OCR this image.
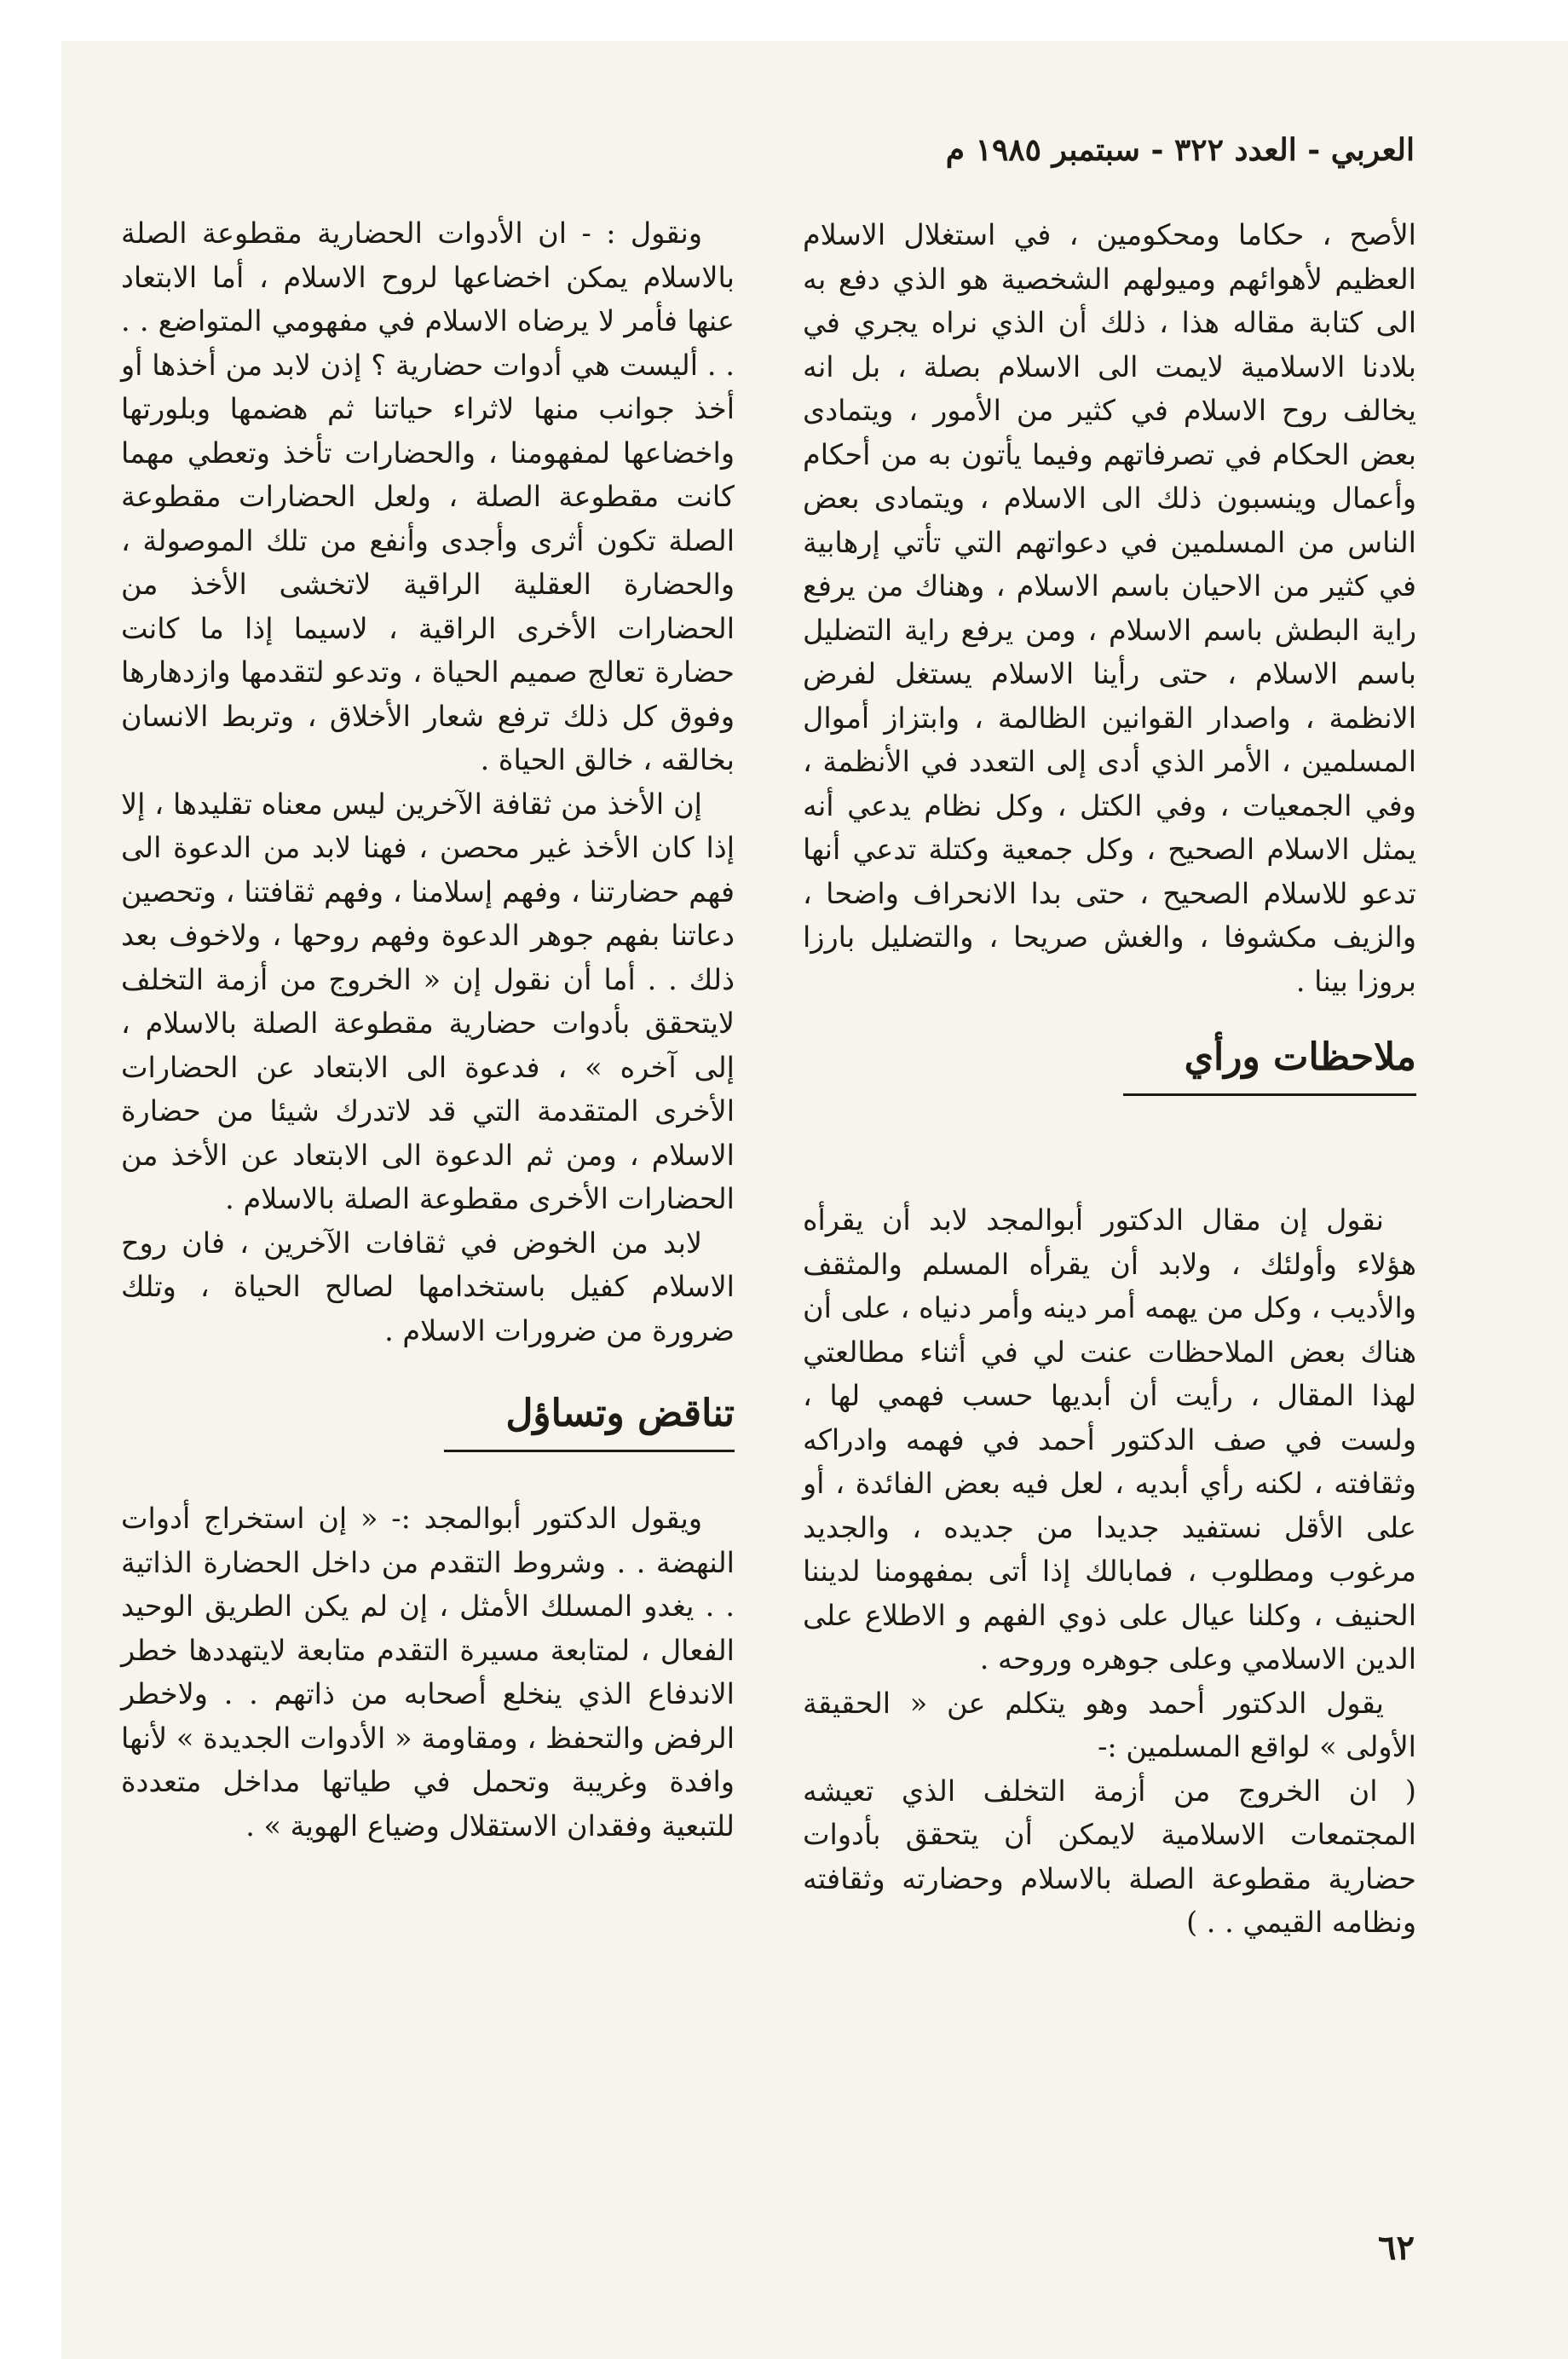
العربي - العدد ٣٢٢ - سبتمبر ١٩٨٥ م

الأصح ، حكاما ومحكومين ، في استغلال الاسلام العظيم لأهوائهم وميولهم الشخصية هو الذي دفع به الى كتابة مقاله هذا ، ذلك أن الذي نراه يجري في بلادنا الاسلامية لايمت الى الاسلام بصلة ، بل انه يخالف روح الاسلام في كثير من الأمور ، ويتمادى بعض الحكام في تصرفاتهم وفيما يأتون به من أحكام وأعمال وينسبون ذلك الى الاسلام ، ويتمادى بعض الناس من المسلمين في دعواتهم التي تأتي إرهابية في كثير من الاحيان باسم الاسلام ، وهناك من يرفع راية البطش باسم الاسلام ، ومن يرفع راية التضليل باسم الاسلام ، حتى رأينا الاسلام يستغل لفرض الانظمة ، واصدار القوانين الظالمة ، وابتزاز أموال المسلمين ، الأمر الذي أدى إلى التعدد في الأنظمة ، وفي الجمعيات ، وفي الكتل ، وكل نظام يدعي أنه يمثل الاسلام الصحيح ، وكل جمعية وكتلة تدعي أنها تدعو للاسلام الصحيح ، حتى بدا الانحراف واضحا ، والزيف مكشوفا ، والغش صريحا ، والتضليل بارزا بروزا بينا .

ملاحظات ورأي

نقول إن مقال الدكتور أبوالمجد لابد أن يقرأه هؤلاء وأولئك ، ولابد أن يقرأه المسلم والمثقف والأديب ، وكل من يهمه أمر دينه وأمر دنياه ، على أن هناك بعض الملاحظات عنت لي في أثناء مطالعتي لهذا المقال ، رأيت أن أبديها حسب فهمي لها ، ولست في صف الدكتور أحمد في فهمه وادراكه وثقافته ، لكنه رأي أبديه ، لعل فيه بعض الفائدة ، أو على الأقل نستفيد جديدا من جديده ، والجديد مرغوب ومطلوب ، فمابالك إذا أتى بمفهومنا لديننا الحنيف ، وكلنا عيال على ذوي الفهم و الاطلاع على الدين الاسلامي وعلى جوهره وروحه .

يقول الدكتور أحمد وهو يتكلم عن « الحقيقة الأولى » لواقع المسلمين :-

( ان الخروج من أزمة التخلف الذي تعيشه المجتمعات الاسلامية لايمكن أن يتحقق بأدوات حضارية مقطوعة الصلة بالاسلام وحضارته وثقافته ونظامه القيمي . . )

ونقول : - ان الأدوات الحضارية مقطوعة الصلة بالاسلام يمكن اخضاعها لروح الاسلام ، أما الابتعاد عنها فأمر لا يرضاه الاسلام في مفهومي المتواضع . . . . أليست هي أدوات حضارية ؟ إذن لابد من أخذها أو أخذ جوانب منها لاثراء حياتنا ثم هضمها وبلورتها واخضاعها لمفهومنا ، والحضارات تأخذ وتعطي مهما كانت مقطوعة الصلة ، ولعل الحضارات مقطوعة الصلة تكون أثرى وأجدى وأنفع من تلك الموصولة ، والحضارة العقلية الراقية لاتخشى الأخذ من الحضارات الأخرى الراقية ، لاسيما إذا ما كانت حضارة تعالج صميم الحياة ، وتدعو لتقدمها وازدهارها وفوق كل ذلك ترفع شعار الأخلاق ، وتربط الانسان بخالقه ، خالق الحياة .

إن الأخذ من ثقافة الآخرين ليس معناه تقليدها ، إلا إذا كان الأخذ غير محصن ، فهنا لابد من الدعوة الى فهم حضارتنا ، وفهم إسلامنا ، وفهم ثقافتنا ، وتحصين دعاتنا بفهم جوهر الدعوة وفهم روحها ، ولاخوف بعد ذلك . . أما أن نقول إن « الخروج من أزمة التخلف لايتحقق بأدوات حضارية مقطوعة الصلة بالاسلام ، إلى آخره » ، فدعوة الى الابتعاد عن الحضارات الأخرى المتقدمة التي قد لاتدرك شيئا من حضارة الاسلام ، ومن ثم الدعوة الى الابتعاد عن الأخذ من الحضارات الأخرى مقطوعة الصلة بالاسلام .

لابد من الخوض في ثقافات الآخرين ، فان روح الاسلام كفيل باستخدامها لصالح الحياة ، وتلك ضرورة من ضرورات الاسلام .

تناقض وتساؤل

ويقول الدكتور أبوالمجد :- « إن استخراج أدوات النهضة . . وشروط التقدم من داخل الحضارة الذاتية . . يغدو المسلك الأمثل ، إن لم يكن الطريق الوحيد الفعال ، لمتابعة مسيرة التقدم متابعة لايتهددها خطر الاندفاع الذي ينخلع أصحابه من ذاتهم . . ولاخطر الرفض والتحفظ ، ومقاومة « الأدوات الجديدة » لأنها وافدة وغريبة وتحمل في طياتها مداخل متعددة للتبعية وفقدان الاستقلال وضياع الهوية » .

٦٢
